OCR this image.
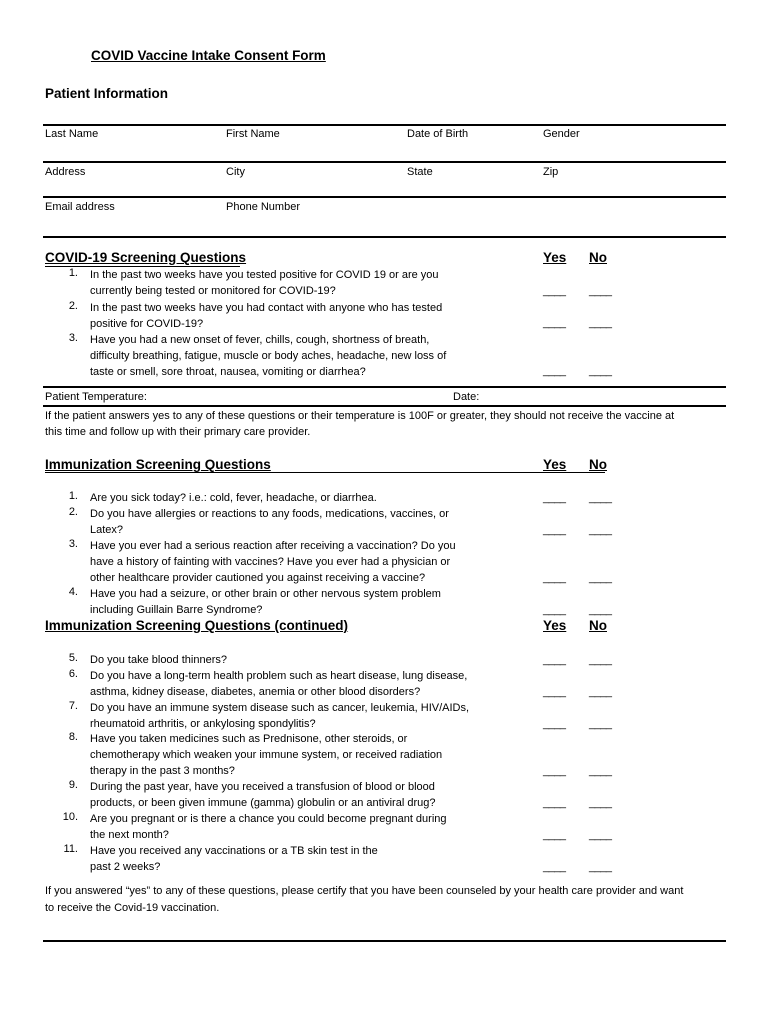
COVID Vaccine Intake Consent Form
Patient Information
Last Name	First Name	Date of Birth	Gender
Address	City	State	Zip
Email address	Phone Number
COVID-19 Screening Questions	Yes No
1. In the past two weeks have you tested positive for COVID 19 or are you
currently being tested or monitored for COVID-19?	____ ____
2. In the past two weeks have you had contact with anyone who has tested
positive for COVID-19?	____ ____
3. Have you had a new onset of fever, chills, cough, shortness of breath,
difficulty breathing, fatigue, muscle or body aches, headache, new loss of
taste or smell, sore throat, nausea, vomiting or diarrhea?	____ ____
Patient Temperature:	Date:
If the patient answers yes to any of these questions or their temperature is 100F or greater, they should not receive the vaccine at
this time and follow up with their primary care provider.
Immunization Screening Questions	Yes No
1. Are you sick today? i.e.: cold, fever, headache, or diarrhea.	____ ____
2. Do you have allergies or reactions to any foods, medications, vaccines, or
Latex?	____ ____
3. Have you ever had a serious reaction after receiving a vaccination? Do you
have a history of fainting with vaccines? Have you ever had a physician or
other healthcare provider cautioned you against receiving a vaccine?	____ ____
4. Have you had a seizure, or other brain or other nervous system problem
including Guillain Barre Syndrome?	____ ____
Immunization Screening Questions (continued)	Yes No
5. Do you take blood thinners?	____ ____
6. Do you have a long-term health problem such as heart disease, lung disease,
asthma, kidney disease, diabetes, anemia or other blood disorders?	____ ____
7. Do you have an immune system disease such as cancer, leukemia, HIV/AIDs,
rheumatoid arthritis, or ankylosing spondylitis?	____ ____
8. Have you taken medicines such as Prednisone, other steroids, or
chemotherapy which weaken your immune system, or received radiation
therapy in the past 3 months?	____ ____
9. During the past year, have you received a transfusion of blood or blood
products, or been given immune (gamma) globulin or an antiviral drug?	____ ____
10. Are you pregnant or is there a chance you could become pregnant during
the next month?	____ ____
11. Have you received any vaccinations or a TB skin test in the
past 2 weeks?	____ ____
If you answered “yes” to any of these questions, please certify that you have been counseled by your health care provider and want
to receive the Covid-19 vaccination.
